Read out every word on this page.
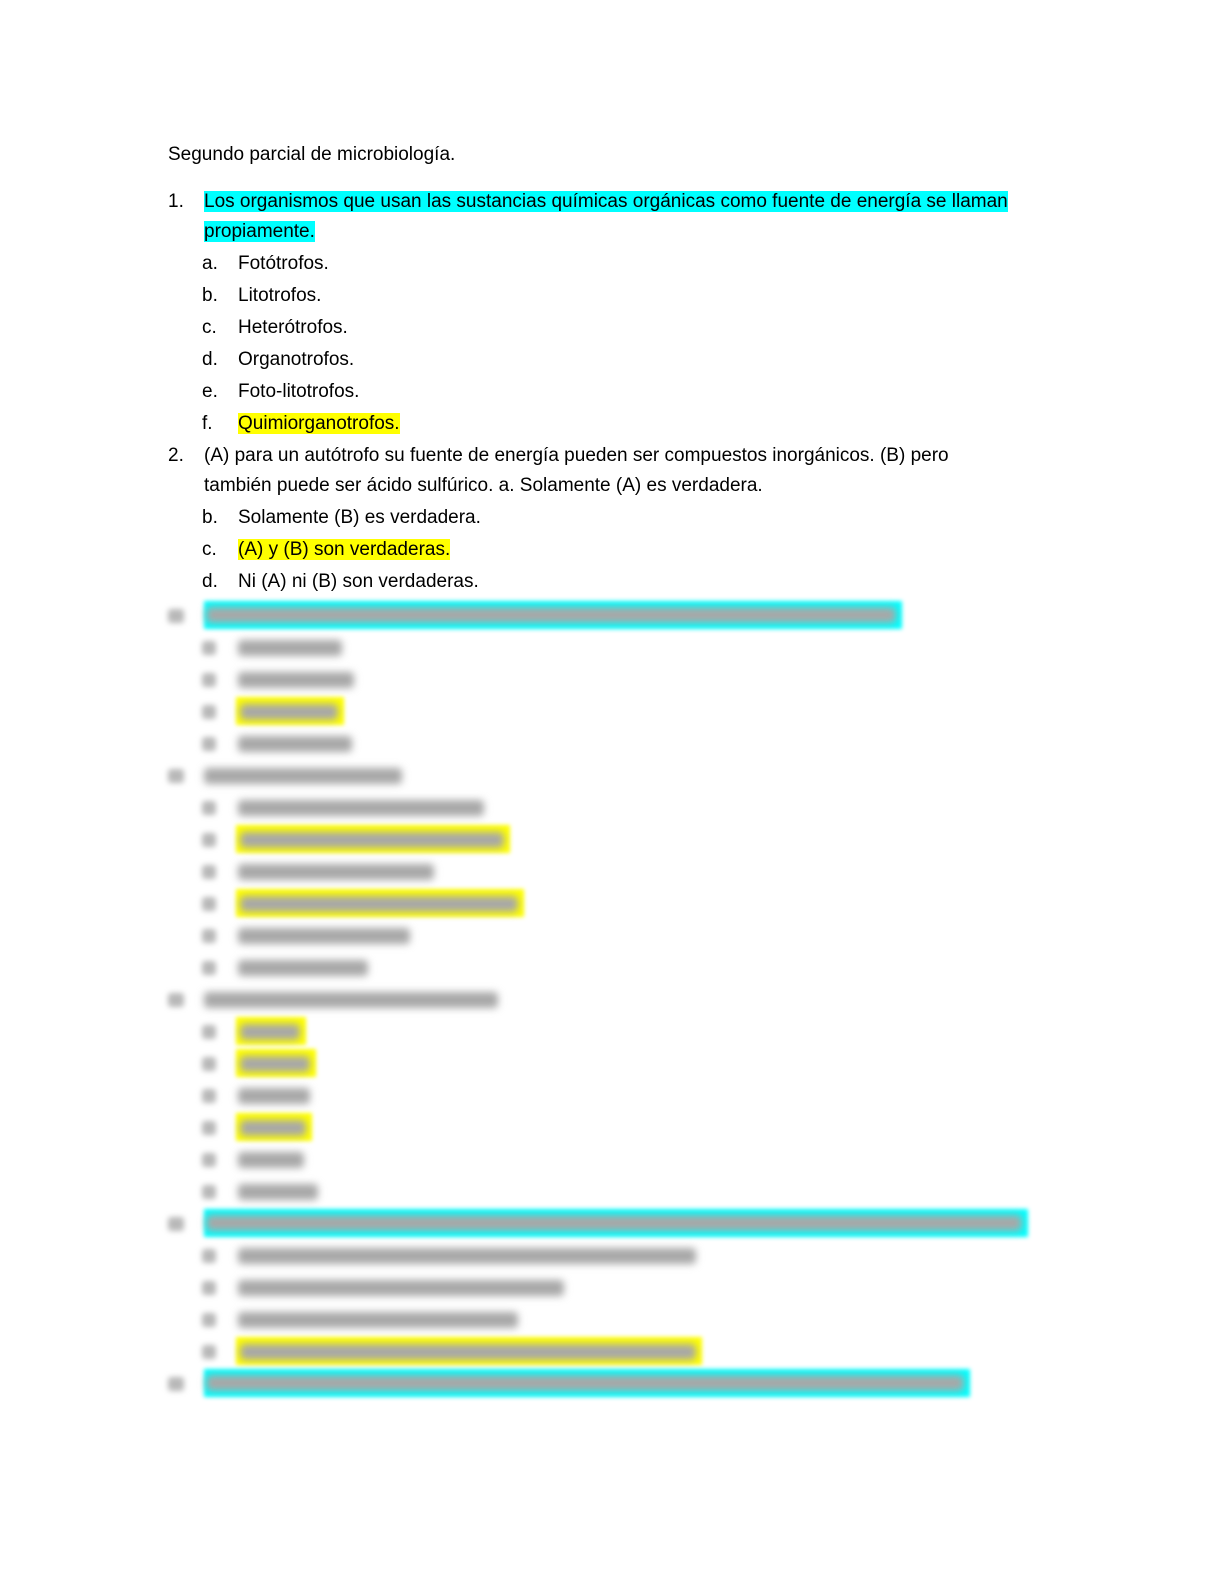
Segundo parcial de microbiología.
1. Los organismos que usan las sustancias químicas orgánicas como fuente de energía se llaman
propiamente.
a. Fotótrofos.
b. Litotrofos.
c. Heterótrofos.
d. Organotrofos.
e. Foto-litotrofos.
f. Quimiorganotrofos.
2. (A) para un autótrofo su fuente de energía pueden ser compuestos inorgánicos. (B) pero
también puede ser ácido sulfúrico. a. Solamente (A) es verdadera.
b. Solamente (B) es verdadera.
c. (A) y (B) son verdaderas.
d. Ni (A) ni (B) son verdaderas.
